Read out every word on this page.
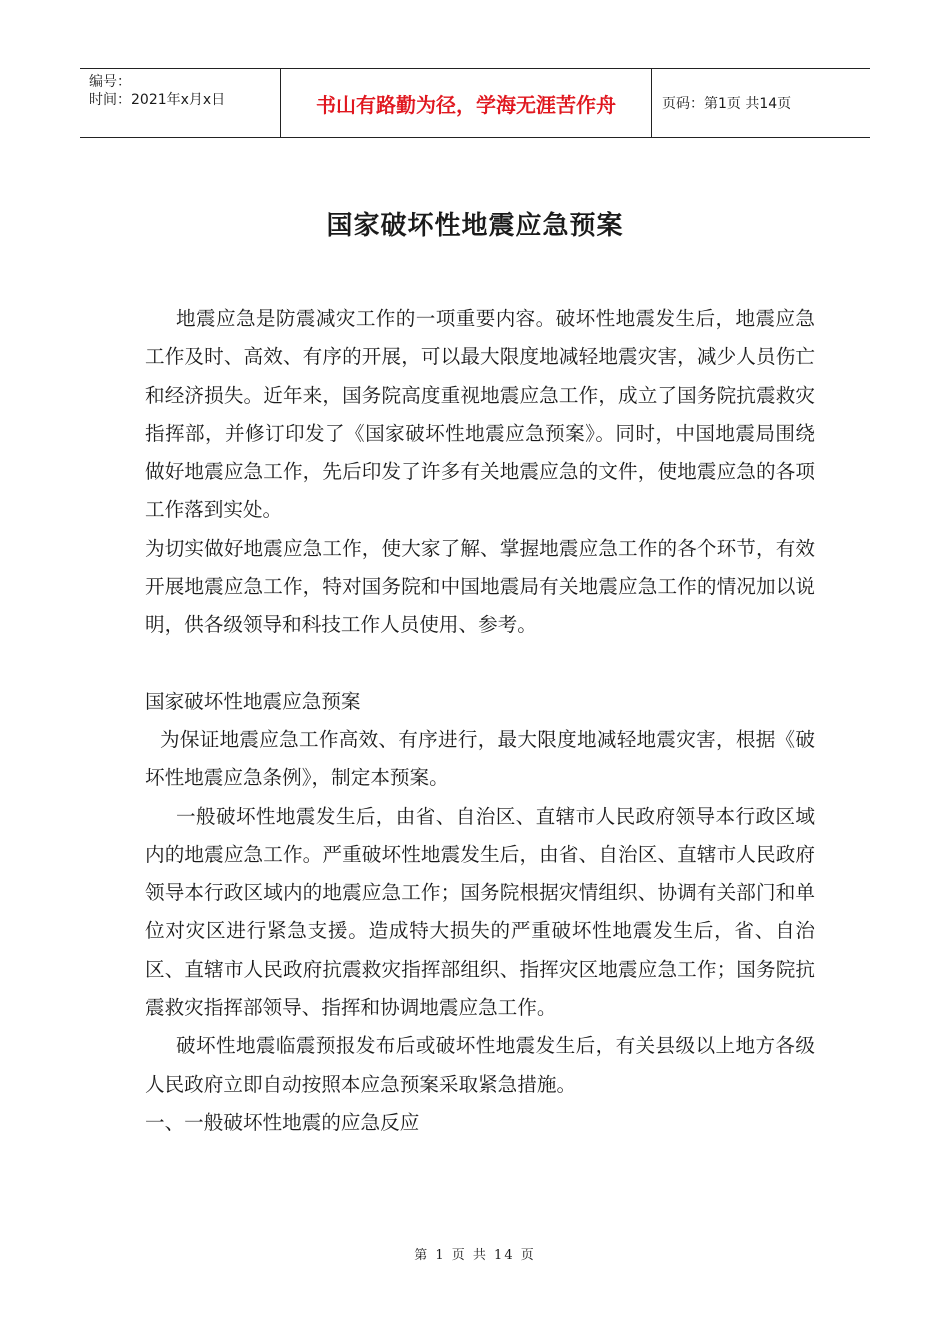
编号：
时间：2021年x月x日	书山有路勤为径，学海无涯苦作舟	页码：第1页 共14页
国家破坏性地震应急预案

地震应急是防震减灾工作的一项重要内容。破坏性地震发生后，地震应急工作及时、高效、有序的开展，可以最大限度地减轻地震灾害，减少人员伤亡和经济损失。近年来，国务院高度重视地震应急工作，成立了国务院抗震救灾指挥部，并修订印发了《国家破坏性地震应急预案》。同时，中国地震局围绕做好地震应急工作，先后印发了许多有关地震应急的文件，使地震应急的各项工作落到实处。

为切实做好地震应急工作，使大家了解、掌握地震应急工作的各个环节，有效开展地震应急工作，特对国务院和中国地震局有关地震应急工作的情况加以说明，供各级领导和科技工作人员使用、参考。

国家破坏性地震应急预案

为保证地震应急工作高效、有序进行，最大限度地减轻地震灾害，根据《破坏性地震应急条例》，制定本预案。

一般破坏性地震发生后，由省、自治区、直辖市人民政府领导本行政区域内的地震应急工作。严重破坏性地震发生后，由省、自治区、直辖市人民政府领导本行政区域内的地震应急工作；国务院根据灾情组织、协调有关部门和单位对灾区进行紧急支援。造成特大损失的严重破坏性地震发生后，省、自治区、直辖市人民政府抗震救灾指挥部组织、指挥灾区地震应急工作；国务院抗震救灾指挥部领导、指挥和协调地震应急工作。

破坏性地震临震预报发布后或破坏性地震发生后，有关县级以上地方各级人民政府立即自动按照本应急预案采取紧急措施。

一、一般破坏性地震的应急反应

第 1 页 共 14 页
